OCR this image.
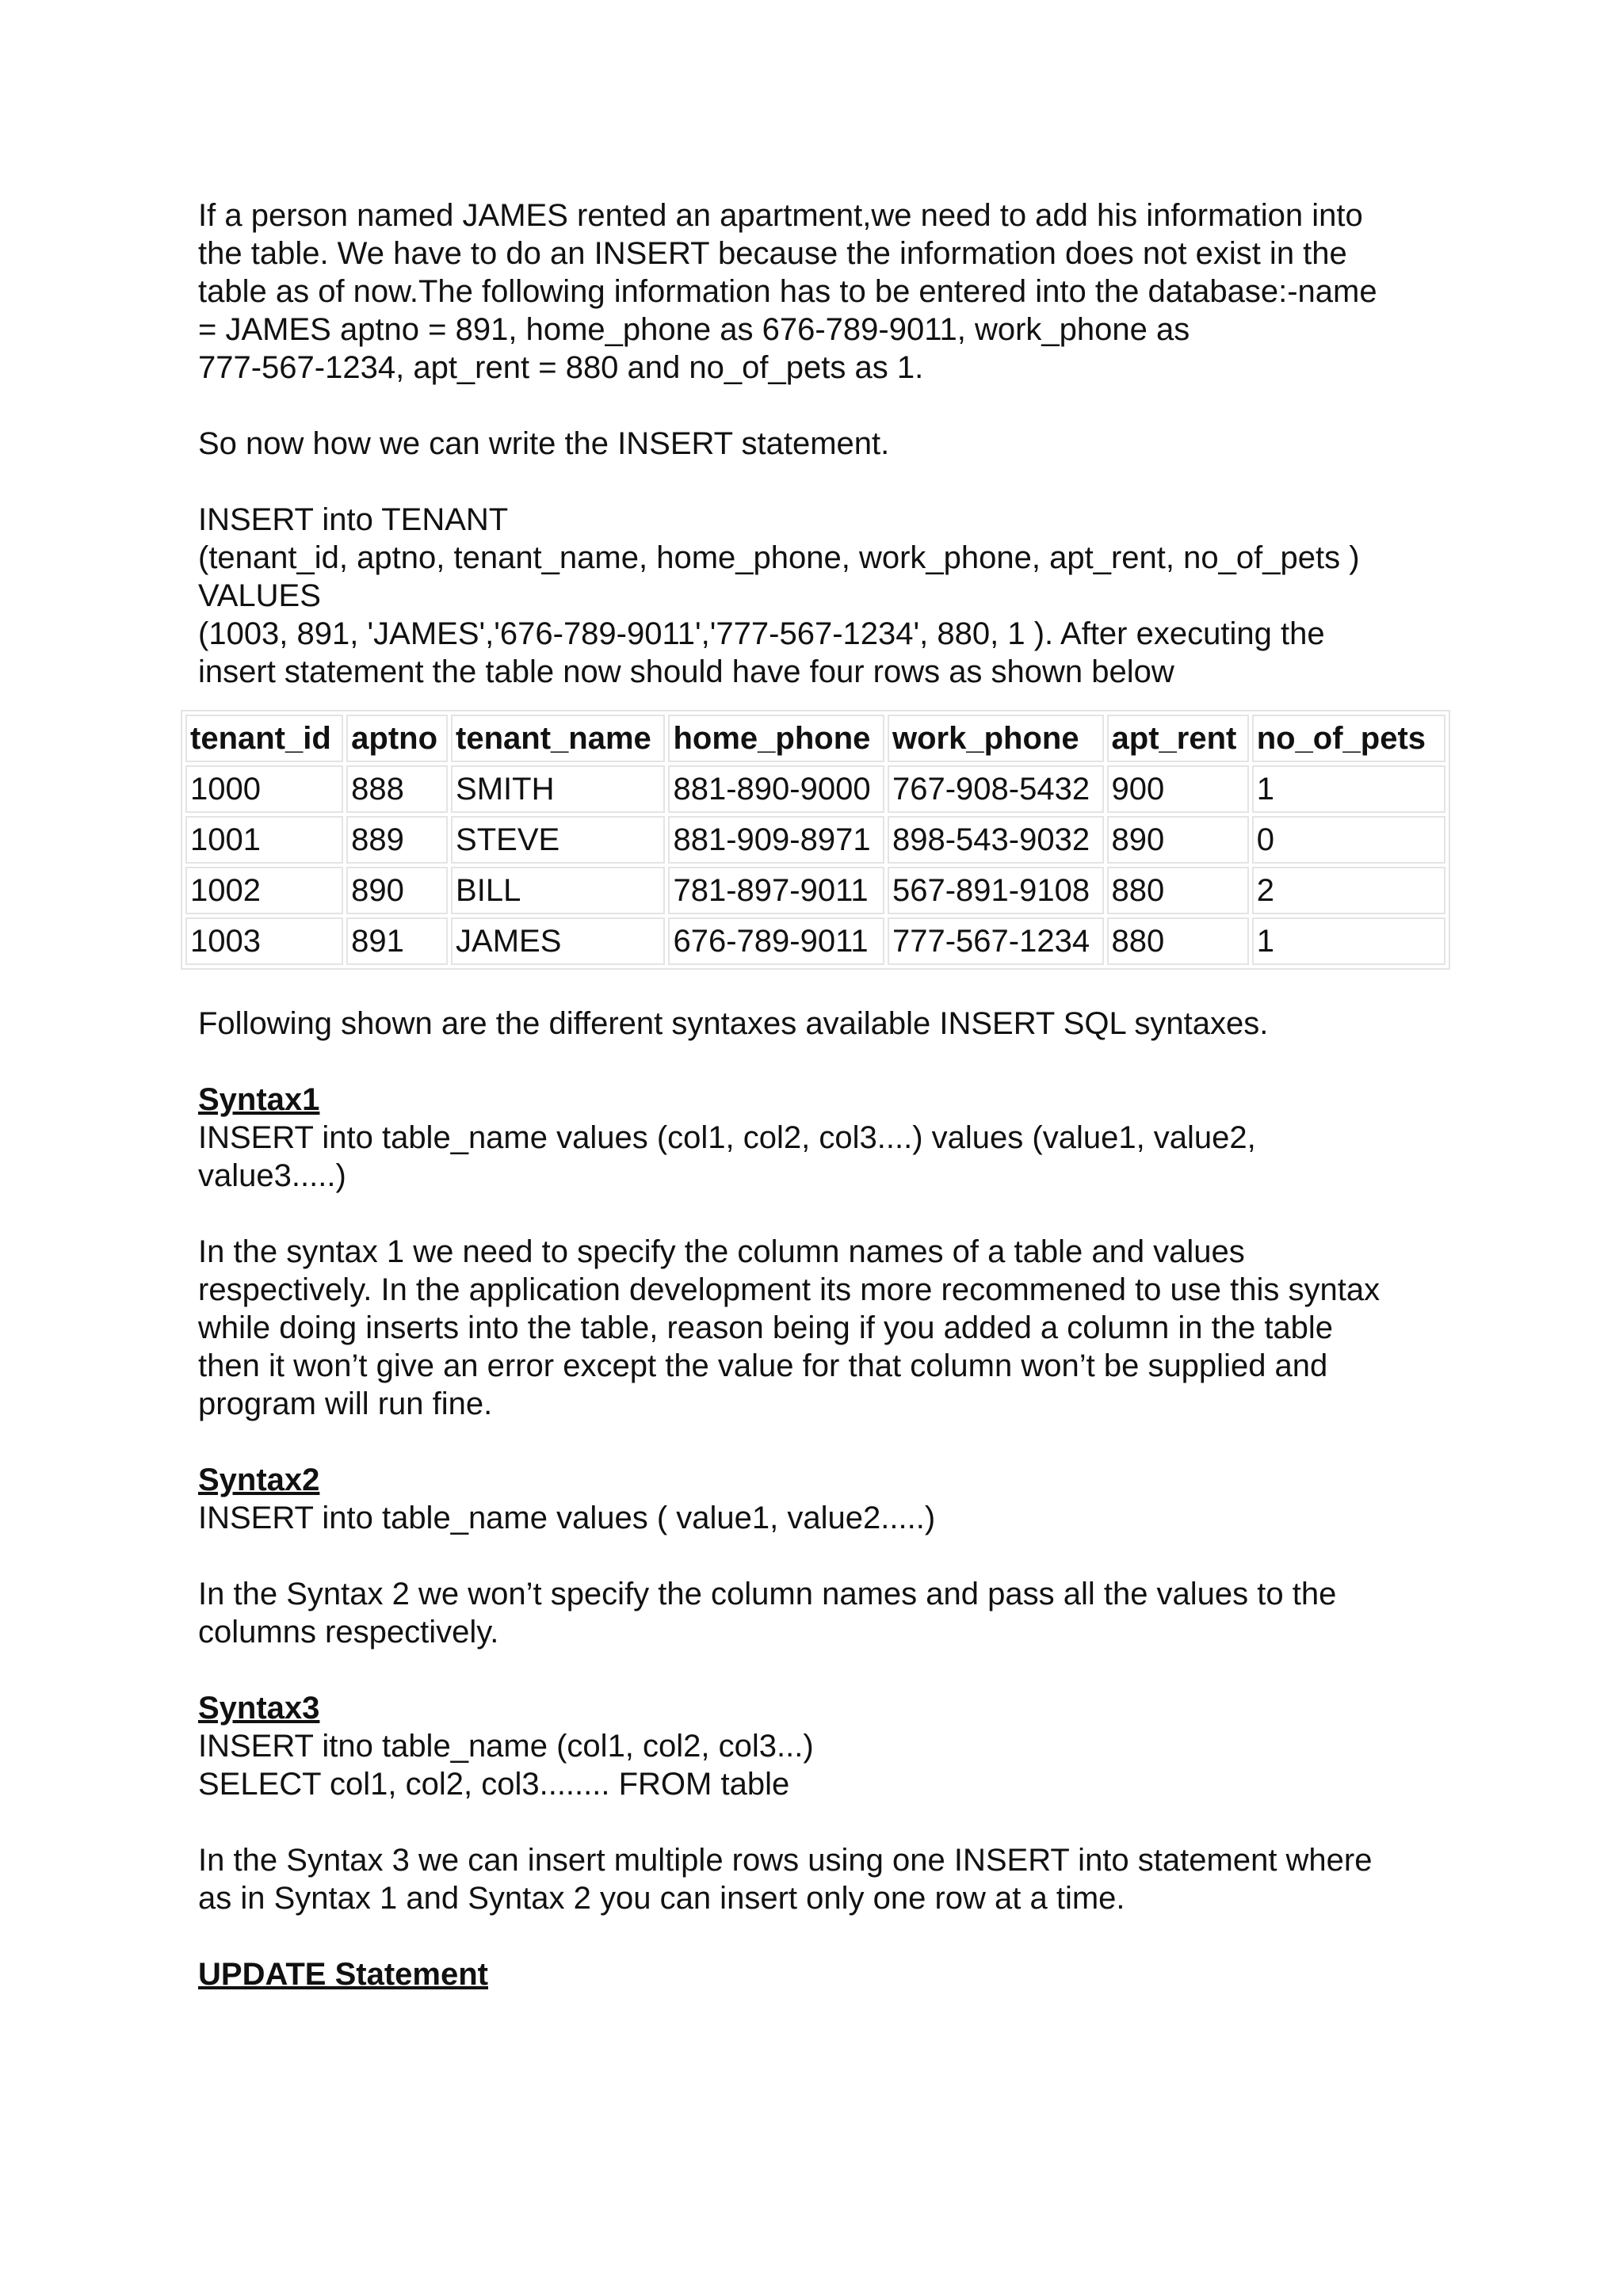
If a person named JAMES rented an apartment,we need to add his information into
the table. We have to do an INSERT because the information does not exist in the
table as of now.The following information has to be entered into the database:-name
= JAMES aptno = 891, home_phone as 676-789-9011, work_phone as
777-567-1234, apt_rent = 880 and no_of_pets as 1.
So now how we can write the INSERT statement.
INSERT into TENANT
(tenant_id, aptno, tenant_name, home_phone, work_phone, apt_rent, no_of_pets )
VALUES
(1003, 891, 'JAMES','676-789-9011','777-567-1234', 880, 1 ). After executing the
insert statement the table now should have four rows as shown below
tenant_id	aptno	tenant_name	home_phone	work_phone	apt_rent	no_of_pets
1000	888	SMITH	881-890-9000	767-908-5432	900	1
1001	889	STEVE	881-909-8971	898-543-9032	890	0
1002	890	BILL	781-897-9011	567-891-9108	880	2
1003	891	JAMES	676-789-9011	777-567-1234	880	1
Following shown are the different syntaxes available INSERT SQL syntaxes.
Syntax1
INSERT into table_name values (col1, col2, col3....) values (value1, value2,
value3.....)
In the syntax 1 we need to specify the column names of a table and values
respectively. In the application development its more recommened to use this syntax
while doing inserts into the table, reason being if you added a column in the table
then it won’t give an error except the value for that column won’t be supplied and
program will run fine.
Syntax2
INSERT into table_name values ( value1, value2.....)
In the Syntax 2 we won’t specify the column names and pass all the values to the
columns respectively.
Syntax3
INSERT itno table_name (col1, col2, col3...)
SELECT col1, col2, col3........ FROM table
In the Syntax 3 we can insert multiple rows using one INSERT into statement where
as in Syntax 1 and Syntax 2 you can insert only one row at a time.
UPDATE Statement
